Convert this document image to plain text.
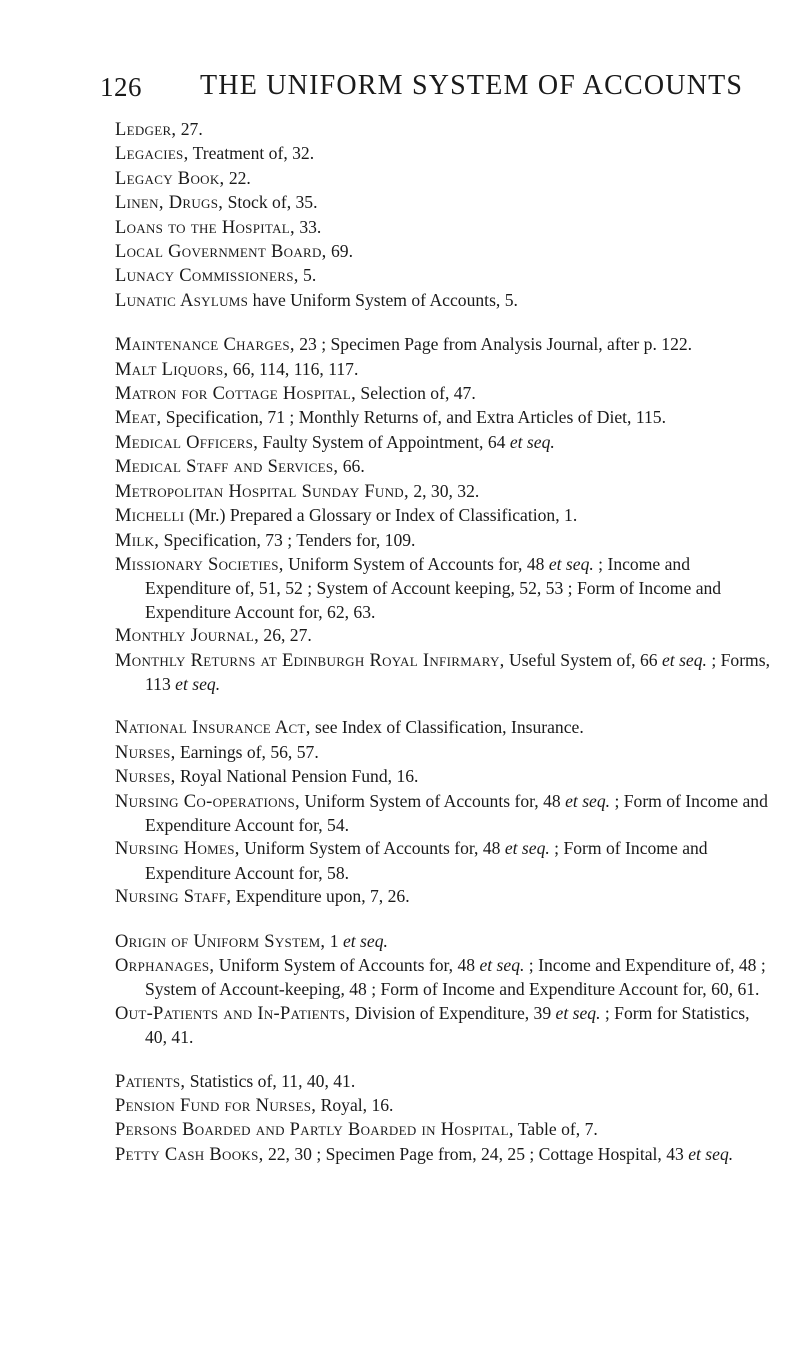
126 THE UNIFORM SYSTEM OF ACCOUNTS

Ledger, 27.

Legacies, Treatment of, 32.

Legacy Book, 22.

Linen, Drugs, Stock of, 35.

Loans to the Hospital, 33.

Local Government Board, 69.

Lunacy Commissioners, 5.

Lunatic Asylums have Uniform System of Accounts, 5.

Maintenance Charges, 23 ; Specimen Page from Analysis Journal, after p. 122.

Malt Liquors, 66, 114, 116, 117.

Matron for Cottage Hospital, Selection of, 47.

Meat, Specification, 71 ; Monthly Returns of, and Extra Articles of Diet, 115.

Medical Officers, Faulty System of Appointment, 64 et seq.

Medical Staff and Services, 66.

Metropolitan Hospital Sunday Fund, 2, 30, 32.

Michelli (Mr.) Prepared a Glossary or Index of Classification, 1.

Milk, Specification, 73 ; Tenders for, 109.

Missionary Societies, Uniform System of Accounts for, 48 et seq. ; Income and Expenditure of, 51, 52 ; System of Account keeping, 52, 53 ; Form of Income and Expenditure Account for, 62, 63.

Monthly Journal, 26, 27.

Monthly Returns at Edinburgh Royal Infirmary, Useful System of, 66 et seq. ; Forms, 113 et seq.

National Insurance Act, see Index of Classification, Insurance.

Nurses, Earnings of, 56, 57.

Nurses, Royal National Pension Fund, 16.

Nursing Co-operations, Uniform System of Accounts for, 48 et seq. ; Form of Income and Expenditure Account for, 54.

Nursing Homes, Uniform System of Accounts for, 48 et seq. ; Form of Income and Expenditure Account for, 58.

Nursing Staff, Expenditure upon, 7, 26.

Origin of Uniform System, 1 et seq.

Orphanages, Uniform System of Accounts for, 48 et seq. ; Income and Expenditure of, 48 ; System of Account-keeping, 48 ; Form of Income and Expenditure Account for, 60, 61.

Out-Patients and In-Patients, Division of Expenditure, 39 et seq. ; Form for Statistics, 40, 41.

Patients, Statistics of, 11, 40, 41.

Pension Fund for Nurses, Royal, 16.

Persons Boarded and Partly Boarded in Hospital, Table of, 7.

Petty Cash Books, 22, 30 ; Specimen Page from, 24, 25 ; Cottage Hospital, 43 et seq.
